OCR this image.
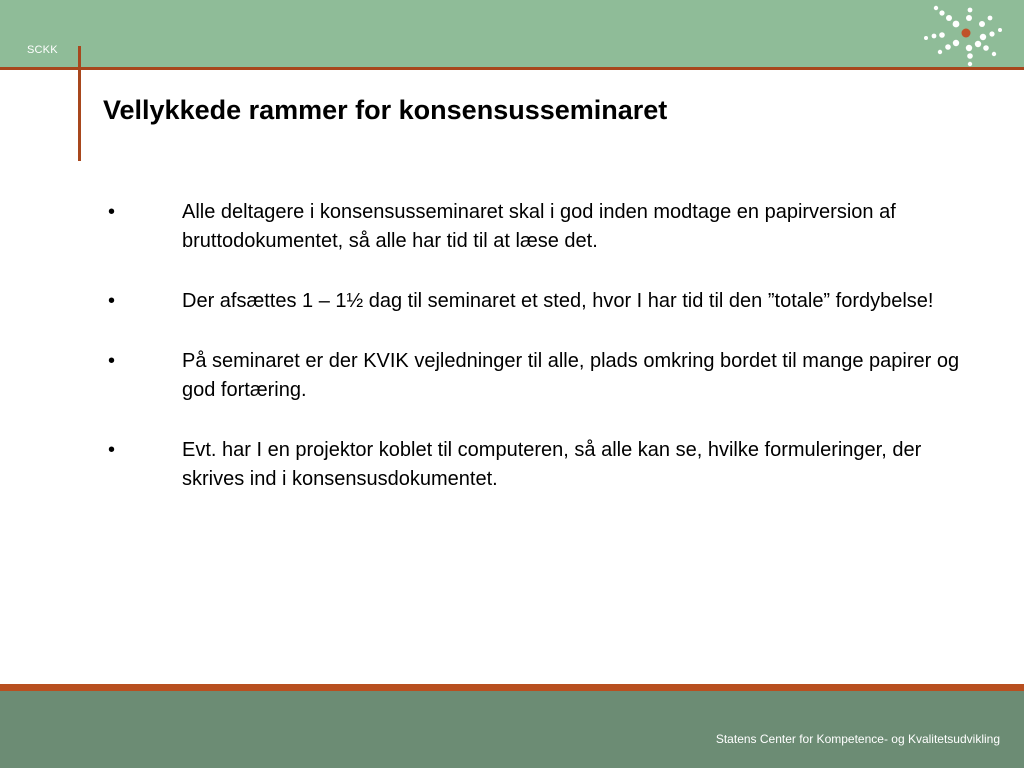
SCKK
Vellykkede rammer for konsensusseminaret
•	Alle deltagere i konsensusseminaret skal i god inden modtage en papirversion af bruttodokumentet, så alle har tid til at læse det.
•	Der afsættes 1 – 1½ dag til seminaret et sted, hvor I har tid til den ”totale” fordybelse!
•	På seminaret er der KVIK vejledninger til alle, plads omkring bordet til mange papirer og god fortæring.
•	Evt. har I en projektor koblet til computeren, så alle kan se, hvilke formuleringer, der skrives ind i konsensusdokumentet.
Statens Center for Kompetence- og Kvalitetsudvikling
